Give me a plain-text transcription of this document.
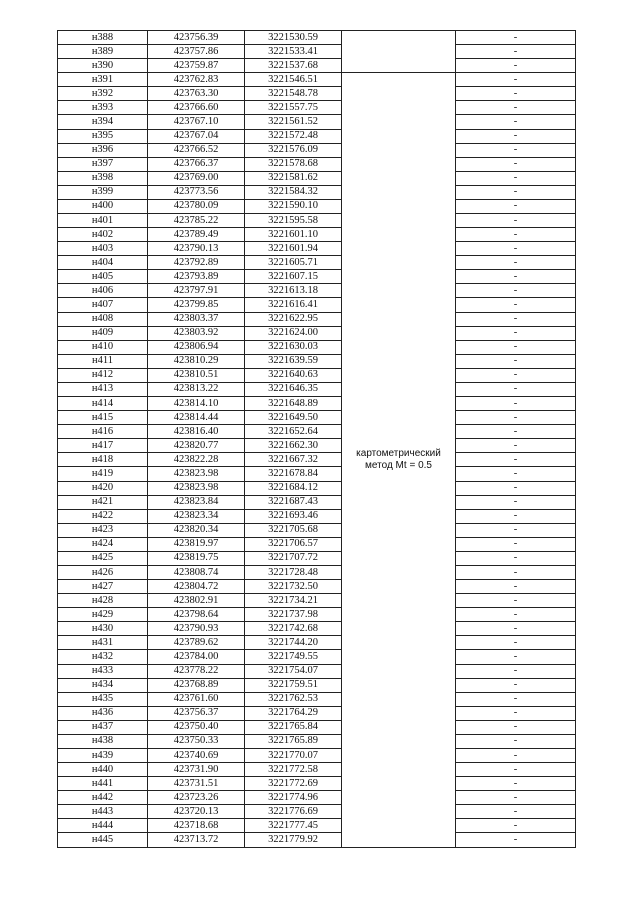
н388	423756.39	3221530.59		-
н389	423757.86	3221533.41		-
н390	423759.87	3221537.68		-
н391	423762.83	3221546.51	картометрический метод Mt = 0.5	-
н392	423763.30	3221548.78		-
н393	423766.60	3221557.75		-
н394	423767.10	3221561.52		-
н395	423767.04	3221572.48		-
н396	423766.52	3221576.09		-
н397	423766.37	3221578.68		-
н398	423769.00	3221581.62		-
н399	423773.56	3221584.32		-
н400	423780.09	3221590.10		-
н401	423785.22	3221595.58		-
н402	423789.49	3221601.10		-
н403	423790.13	3221601.94		-
н404	423792.89	3221605.71		-
н405	423793.89	3221607.15		-
н406	423797.91	3221613.18		-
н407	423799.85	3221616.41		-
н408	423803.37	3221622.95		-
н409	423803.92	3221624.00		-
н410	423806.94	3221630.03		-
н411	423810.29	3221639.59		-
н412	423810.51	3221640.63		-
н413	423813.22	3221646.35		-
н414	423814.10	3221648.89		-
н415	423814.44	3221649.50		-
н416	423816.40	3221652.64		-
н417	423820.77	3221662.30		-
н418	423822.28	3221667.32		-
н419	423823.98	3221678.84		-
н420	423823.98	3221684.12		-
н421	423823.84	3221687.43		-
н422	423823.34	3221693.46		-
н423	423820.34	3221705.68		-
н424	423819.97	3221706.57		-
н425	423819.75	3221707.72		-
н426	423808.74	3221728.48		-
н427	423804.72	3221732.50		-
н428	423802.91	3221734.21		-
н429	423798.64	3221737.98		-
н430	423790.93	3221742.68		-
н431	423789.62	3221744.20		-
н432	423784.00	3221749.55		-
н433	423778.22	3221754.07		-
н434	423768.89	3221759.51		-
н435	423761.60	3221762.53		-
н436	423756.37	3221764.29		-
н437	423750.40	3221765.84		-
н438	423750.33	3221765.89		-
н439	423740.69	3221770.07		-
н440	423731.90	3221772.58		-
н441	423731.51	3221772.69		-
н442	423723.26	3221774.96		-
н443	423720.13	3221776.69		-
н444	423718.68	3221777.45		-
н445	423713.72	3221779.92		-
